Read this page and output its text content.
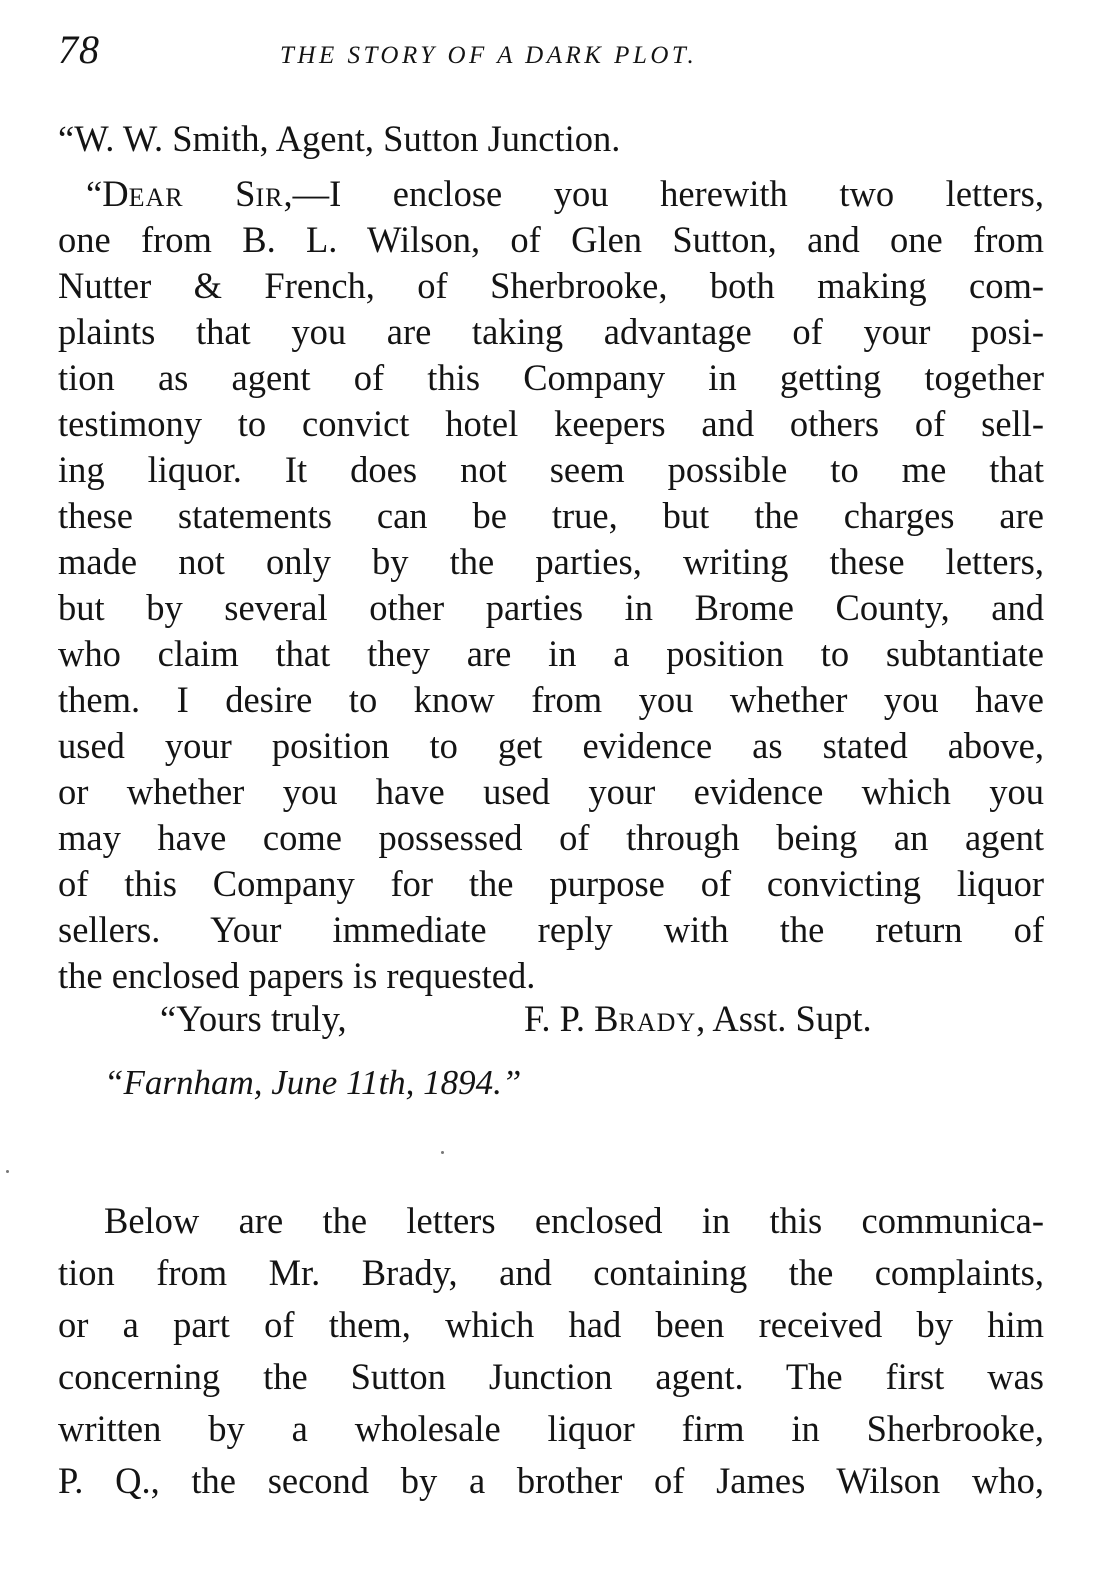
78	THE STORY OF A DARK PLOT.
“W. W. Smith, Agent, Sutton Junction.
“DEAR SIR,—I enclose you herewith two letters,
one from B. L. Wilson, of Glen Sutton, and one from
Nutter & French, of Sherbrooke, both making com-
plaints that you are taking advantage of your posi-
tion as agent of this Company in getting together
testimony to convict hotel keepers and others of sell-
ing liquor. It does not seem possible to me that
these statements can be true, but the charges are
made not only by the parties, writing these letters,
but by several other parties in Brome County, and
who claim that they are in a position to subtantiate
them. I desire to know from you whether you have
used your position to get evidence as stated above,
or whether you have used your evidence which you
may have come possessed of through being an agent
of this Company for the purpose of convicting liquor
sellers. Your immediate reply with the return of
the enclosed papers is requested.
“Yours truly,	F. P. BRADY, Asst. Supt.
“Farnham, June 11th, 1894.”
Below are the letters enclosed in this communica-
tion from Mr. Brady, and containing the complaints,
or a part of them, which had been received by him
concerning the Sutton Junction agent. The first was
written by a wholesale liquor firm in Sherbrooke,
P. Q., the second by a brother of James Wilson who,
